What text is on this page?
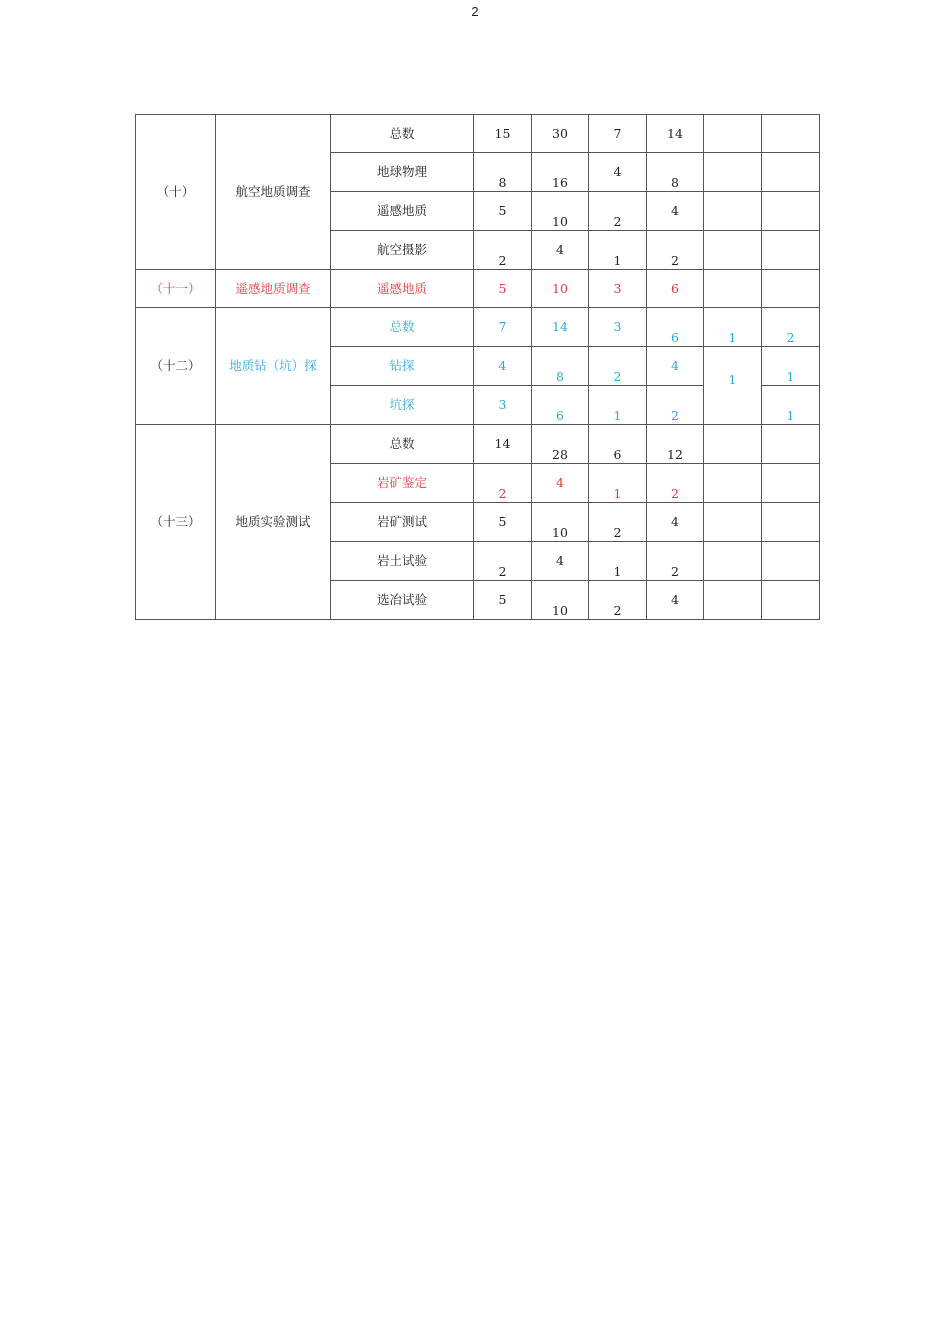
2
（十）	航空地质调查	总数	15	30	7	14		
		地球物理	8	16	4	8		
		遥感地质	5	10	2	4		
		航空摄影	2	4	1	2		
（十一）	遥感地质调查	遥感地质	5	10	3	6		
（十二）	地质钻（坑）探	总数	7	14	3	6	1	2
		钻探	4	8	2	4	1	1
		坑探	3	6	1	2		1
（十三）	地质实验测试	总数	14	28	6	12		
		岩矿鉴定	2	4	1	2		
		岩矿测试	5	10	2	4		
		岩土试验	2	4	1	2		
		选冶试验	5	10	2	4		
